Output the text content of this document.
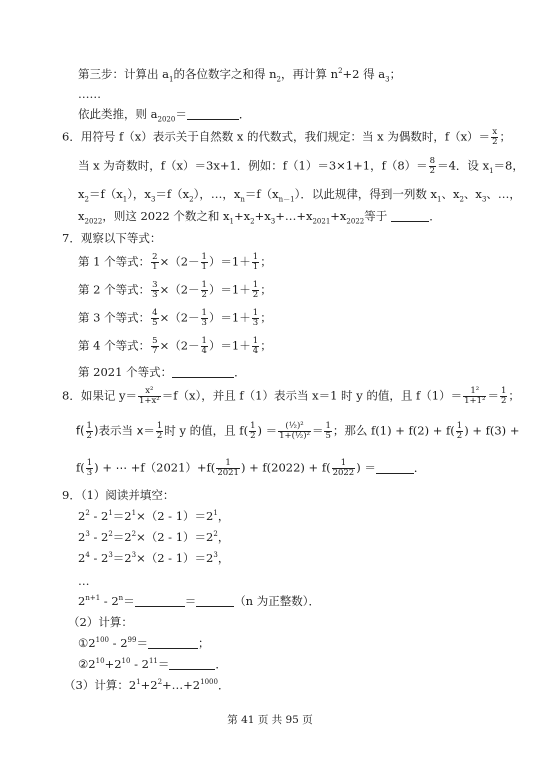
第三步：计算出 $a_1$的各位数字之和得 $n_2$，再计算 $n^2+2$ 得 $a_3$；
……
依此类推，则 $a_{2020}=$	．
6．用符号 f（x）表示关于自然数 x 的代数式，我们规定：当 x 为偶数时，$f(x)= \frac{x}{2}$ ；
当 x 为奇数时，f（x）＝3x+1．例如：f（1）＝3×1+1，$f(8)= \frac{8}{2} =4$．设 $x_1=8$，
$x_2=f(x_1)$，$x_3=f(x_2)$，…，$x_n=f(x_{n-1})$．以此规律，得到一列数 $x_1$、$x_2$、$x_3$、…，
$x_{2022}$，则这 2022 个数之和 $x_1+x_2+x_3+\dots+x_{2021}+x_{2022}$等于	．
7．观察以下等式：
第 1 个等式： $\frac{2}{1} \times(2- \frac{1}{1} )=1+ \frac{1}{1}$ ；
第 2 个等式： $\frac{3}{3} \times(2- \frac{1}{2} )=1+ \frac{1}{2}$ ；
第 3 个等式： $\frac{4}{5} \times(2- \frac{1}{3} )=1+ \frac{1}{3}$ ；
第 4 个等式： $\frac{5}{7} \times(2- \frac{1}{4} )=1+ \frac{1}{4}$ ；
第 2021 个等式：	．
8．如果记 $y= \frac{\text{x²}}{\text{1+x²}} =f(x)$，并且 f（1）表示当 x＝1 时 y 的值，且 $f(1)= \frac{\text{1²}}{\text{1+1²}} = \frac{1}{2}$ ；
$f( \frac{1}{2}$ )表示当 $x= \frac{1}{2}$ 时 y 的值，且 $f( \frac{1}{2}$ ) ＝ $\frac{\text{(½)²}}{\text{1+(½)²}} = \frac{1}{5}$ ；那么 $f(1) + f(2) + f( \frac{1}{2}$ ) + f(3) +
$f( \frac{1}{3}$ ) + ⋯ $+f(2021)+f( \frac{1}{2021}$ ) + $f(2022) + f( \frac{1}{2022}$ ) ＝	．
9．（1）阅读并填空：
$2^2 - 2^1=2^1\times(2 - 1)=2^1$，
$2^3 - 2^2=2^2\times(2 - 1)=2^2$，
$2^4 - 2^3=2^3\times(2 - 1)=2^3$，
…
$2^{n+1} - 2^n=$	＝	（n 为正整数）．
（2）计算：
$①2^{100} - 2^{99}=$	；
$②2^{10}+2^{10} - 2^{11}=$	．
（3）计算：$2^1+2^2+\dots+2^{1000}$．
第 41 页 共 95 页
